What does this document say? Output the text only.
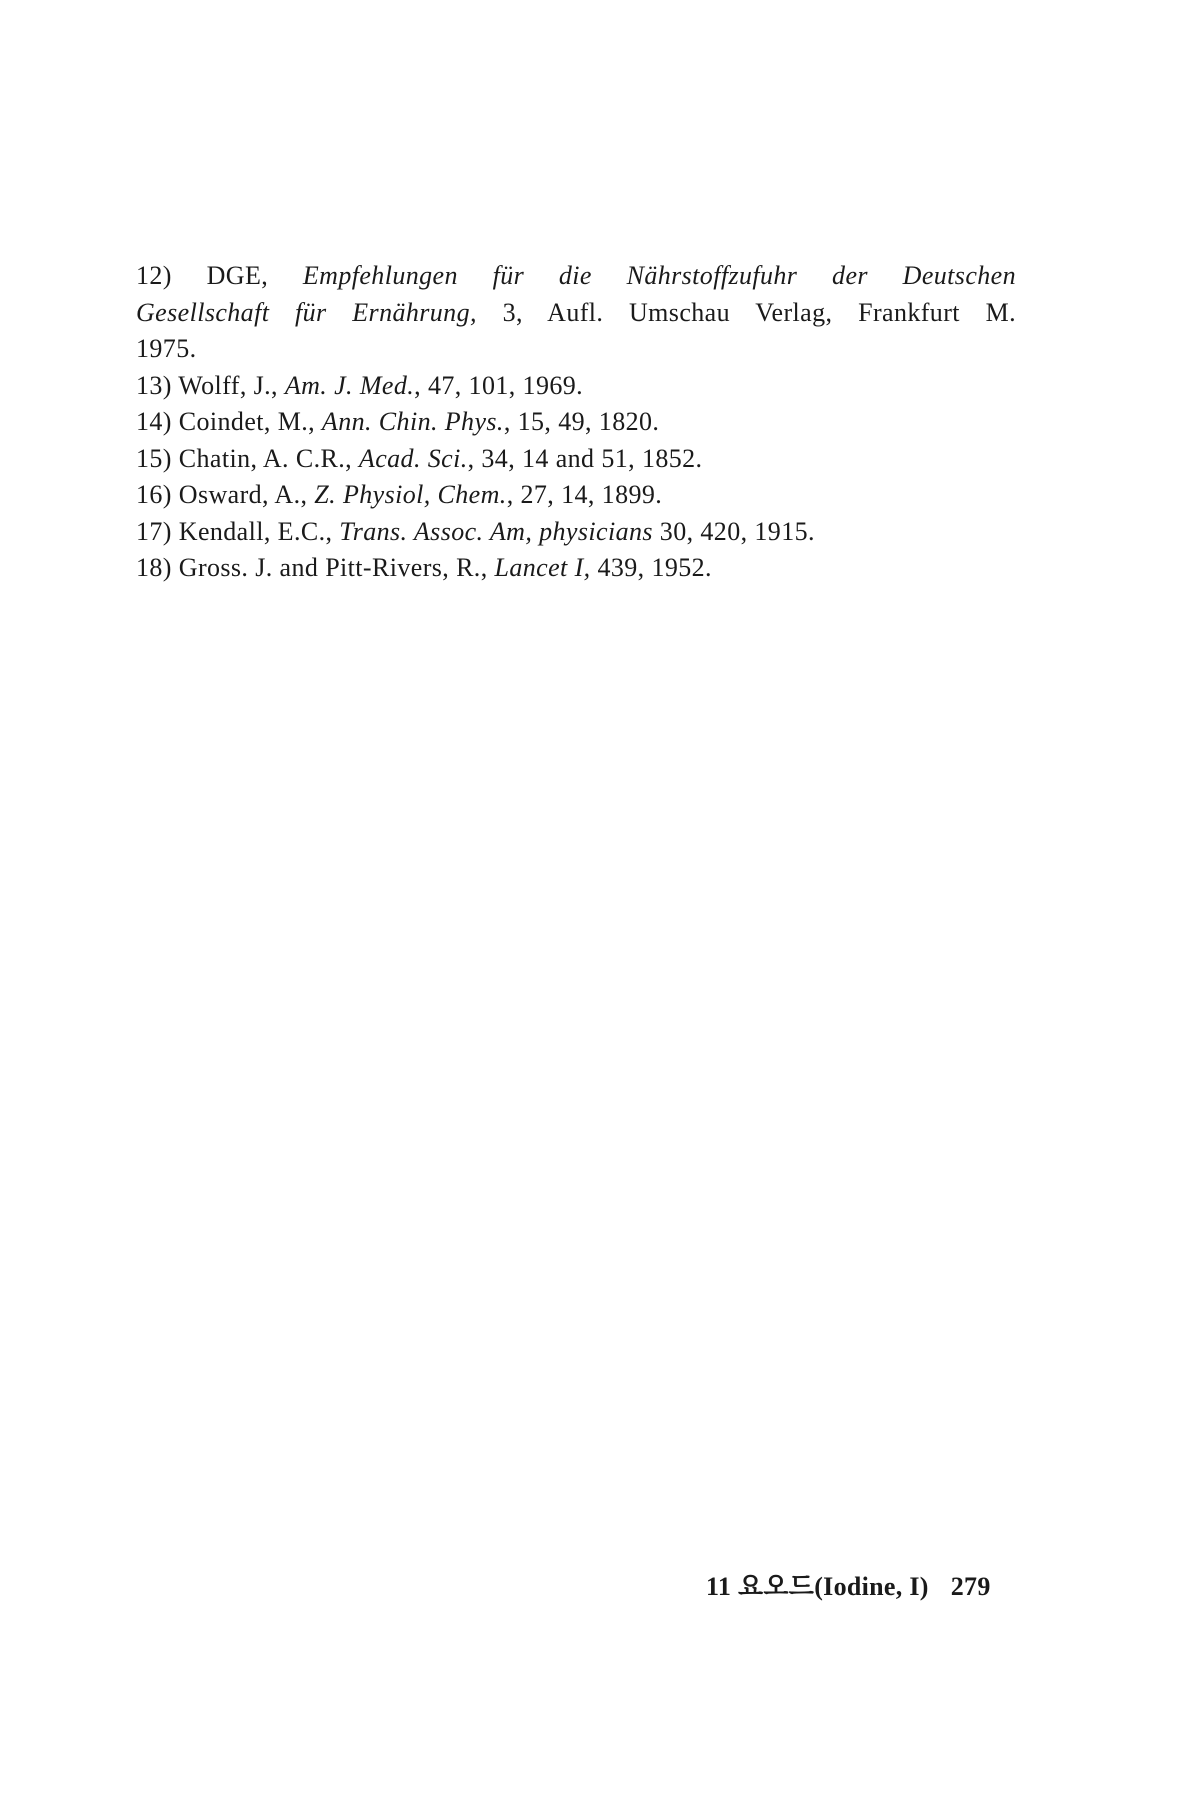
12) DGE, Empfehlungen für die Nährstoffzufuhr der Deutschen
Gesellschaft für Ernährung, 3, Aufl. Umschau Verlag, Frankfurt M.
1975.
13) Wolff, J., Am. J. Med., 47, 101, 1969.
14) Coindet, M., Ann. Chin. Phys., 15, 49, 1820.
15) Chatin, A. C.R., Acad. Sci., 34, 14 and 51, 1852.
16) Osward, A., Z. Physiol, Chem., 27, 14, 1899.
17) Kendall, E.C., Trans. Assoc. Am, physicians 30, 420, 1915.
18) Gross. J. and Pitt-Rivers, R., Lancet I, 439, 1952.
11 요오드(Iodine, I) 279
